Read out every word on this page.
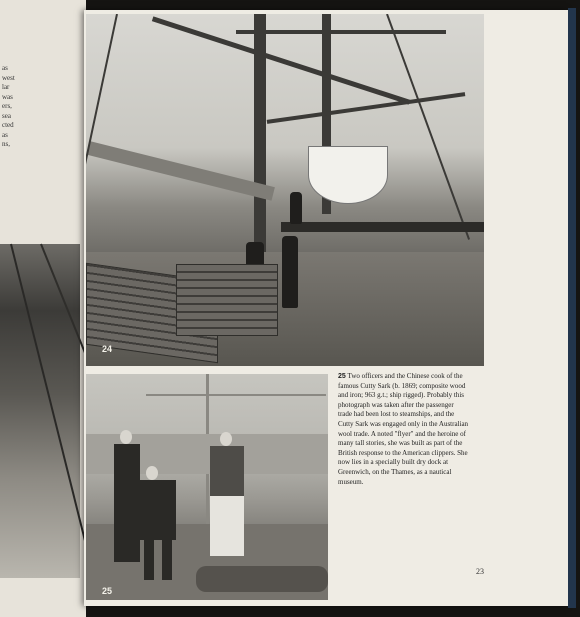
as
west
lar
was
ers,
sea
cted
as
ns,
24
25
25 Two officers and the Chinese cook of the
famous Cutty Sark (b. 1869; composite wood
and iron; 963 g.t.; ship rigged). Probably this
photograph was taken after the passenger
trade had been lost to steamships, and the
Cutty Sark was engaged only in the Australian
wool trade. A noted "flyer" and the heroine of
many tall stories, she was built as part of the
British response to the American clippers. She
now lies in a specially built dry dock at
Greenwich, on the Thames, as a nautical
museum.
23
